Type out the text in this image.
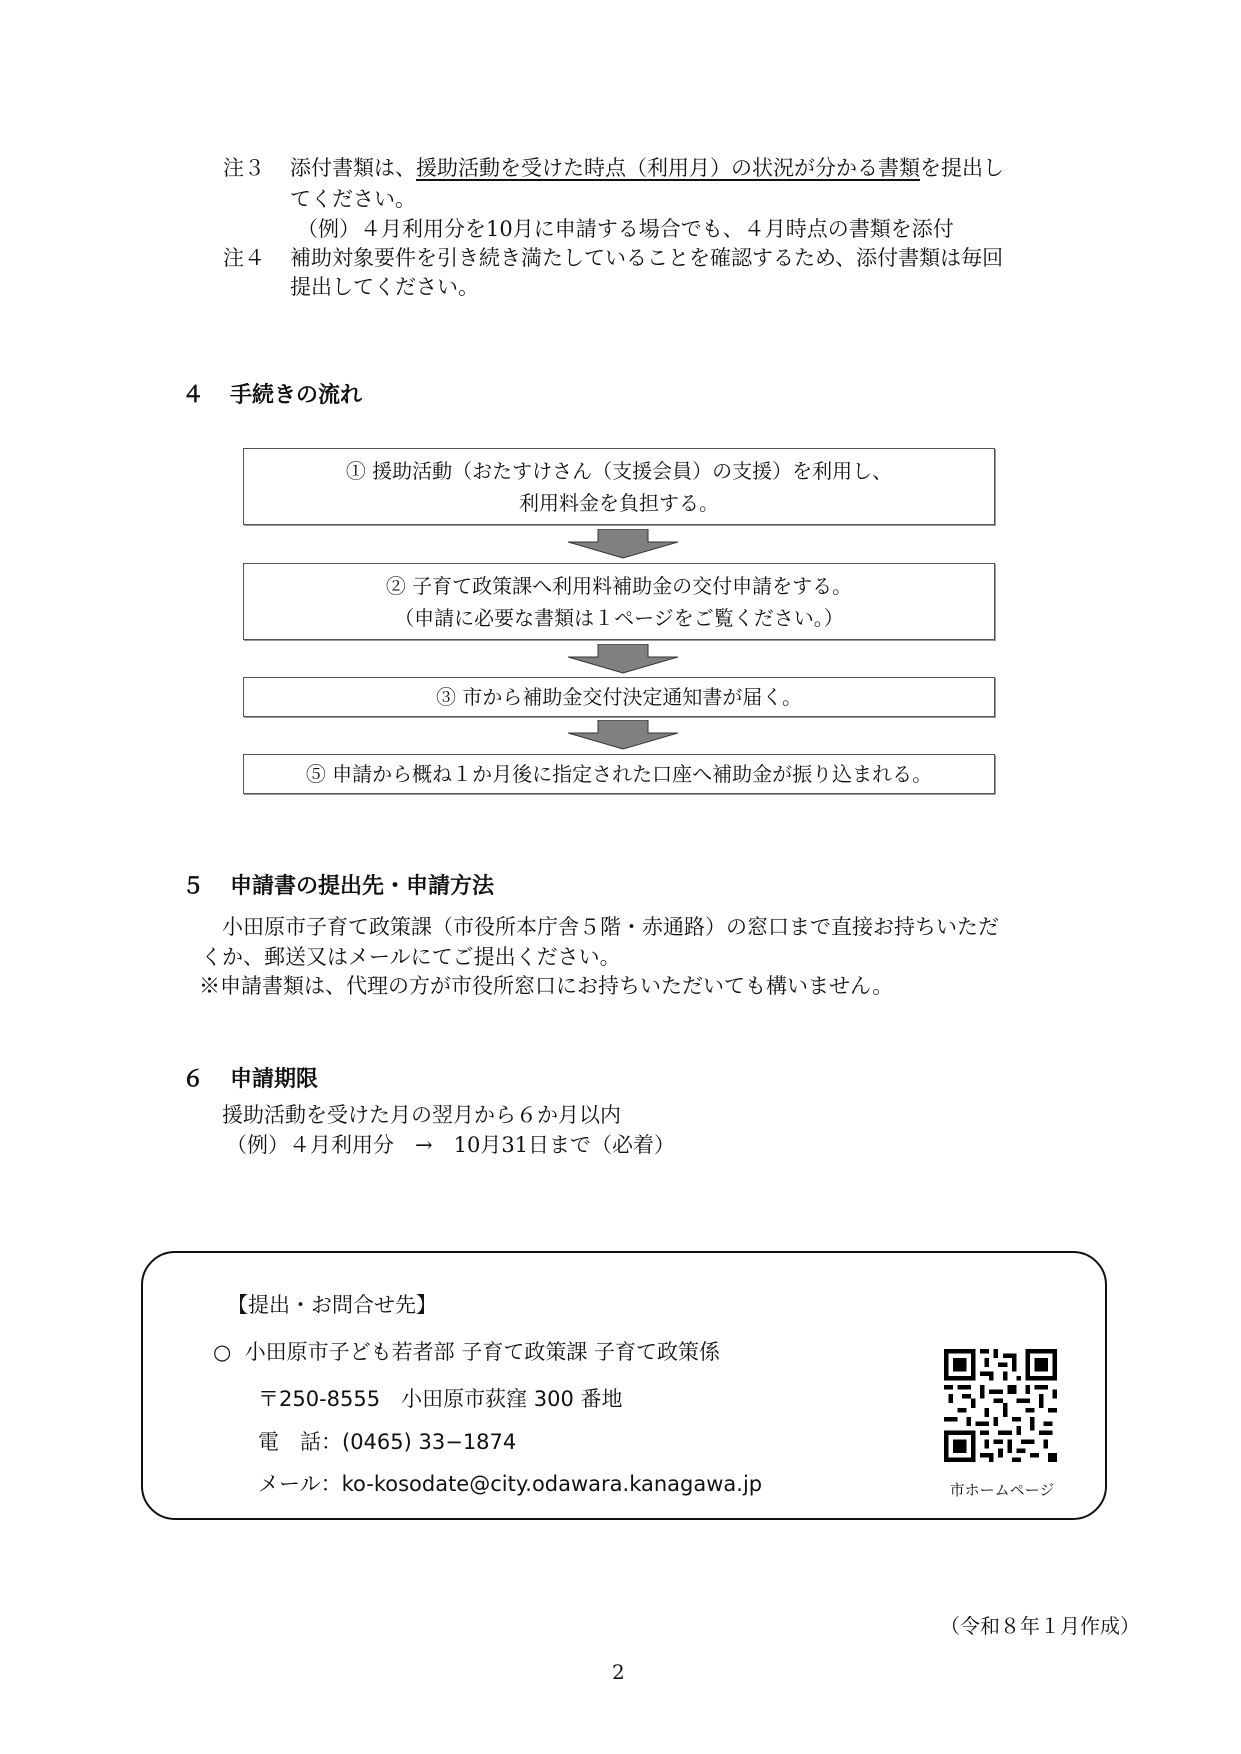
注３ 添付書類は、援助活動を受けた時点（利用月）の状況が分かる書類を提出し
てください。
（例）４月利用分を10月に申請する場合でも、４月時点の書類を添付
注４ 補助対象要件を引き続き満たしていることを確認するため、添付書類は毎回
提出してください。
４ 手続きの流れ
① 援助活動（おたすけさん（支援会員）の支援）を利用し、
利用料金を負担する。
② 子育て政策課へ利用料補助金の交付申請をする。
（申請に必要な書類は１ページをご覧ください。）
③ 市から補助金交付決定通知書が届く。
⑤ 申請から概ね１か月後に指定された口座へ補助金が振り込まれる。
５ 申請書の提出先・申請方法
小田原市子育て政策課（市役所本庁舎５階・赤通路）の窓口まで直接お持ちいただ
くか、郵送又はメールにてご提出ください。
※申請書類は、代理の方が市役所窓口にお持ちいただいても構いません。
６ 申請期限
援助活動を受けた月の翌月から６か月以内
（例）４月利用分　→　10月31日まで（必着）
【提出・お問合せ先】
○ 小田原市子ども若者部 子育て政策課 子育て政策係
〒250-8555　小田原市荻窪 300 番地
電　話：(0465) 33−1874
メール：ko-kosodate@city.odawara.kanagawa.jp	市ホームページ
（令和８年１月作成）
2
